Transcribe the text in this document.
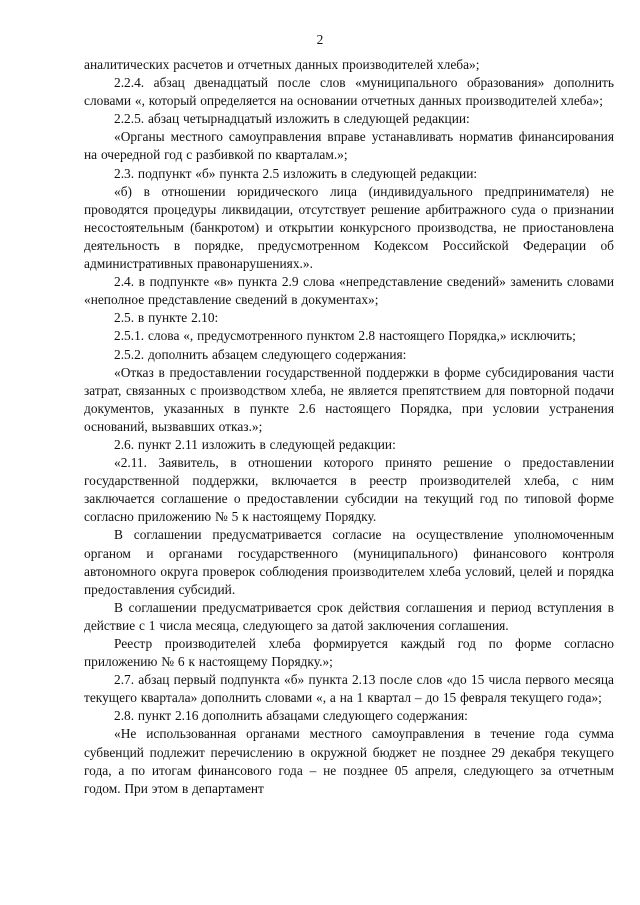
2

аналитических расчетов и отчетных данных производителей хлеба»;

2.2.4. абзац двенадцатый после слов «муниципального образования» дополнить словами «, который определяется на основании отчетных данных производителей хлеба»;

2.2.5. абзац четырнадцатый изложить в следующей редакции:

«Органы местного самоуправления вправе устанавливать норматив финансирования на очередной год с разбивкой по кварталам.»;

2.3. подпункт «б» пункта 2.5 изложить в следующей редакции:

«б) в отношении юридического лица (индивидуального предпринимателя) не проводятся процедуры ликвидации, отсутствует решение арбитражного суда о признании несостоятельным (банкротом) и открытии конкурсного производства, не приостановлена деятельность в порядке, предусмотренном Кодексом Российской Федерации об административных правонарушениях.».

2.4. в подпункте «в» пункта 2.9 слова «непредставление сведений» заменить словами «неполное представление сведений в документах»;

2.5. в пункте 2.10:

2.5.1. слова «, предусмотренного пунктом 2.8 настоящего Порядка,» исключить;

2.5.2. дополнить абзацем следующего содержания:

«Отказ в предоставлении государственной поддержки в форме субсидирования части затрат, связанных с производством хлеба, не является препятствием для повторной подачи документов, указанных в пункте 2.6 настоящего Порядка, при условии устранения оснований, вызвавших отказ.»;

2.6. пункт 2.11 изложить в следующей редакции:

«2.11. Заявитель, в отношении которого принято решение о предоставлении государственной поддержки, включается в реестр производителей хлеба, с ним заключается соглашение о предоставлении субсидии на текущий год по типовой форме согласно приложению № 5 к настоящему Порядку.

В соглашении предусматривается согласие на осуществление уполномоченным органом и органами государственного (муниципального) финансового контроля автономного округа проверок соблюдения производителем хлеба условий, целей и порядка предоставления субсидий.

В соглашении предусматривается срок действия соглашения и период вступления в действие с 1 числа месяца, следующего за датой заключения соглашения.

Реестр производителей хлеба формируется каждый год по форме согласно приложению № 6 к настоящему Порядку.»;

2.7. абзац первый подпункта «б» пункта 2.13 после слов «до 15 числа первого месяца текущего квартала» дополнить словами «, а на 1 квартал – до 15 февраля текущего года»;

2.8. пункт 2.16 дополнить абзацами следующего содержания:

«Не использованная органами местного самоуправления в течение года сумма субвенций подлежит перечислению в окружной бюджет не позднее 29 декабря текущего года, а по итогам финансового года – не позднее 05 апреля, следующего за отчетным годом. При этом в департамент
